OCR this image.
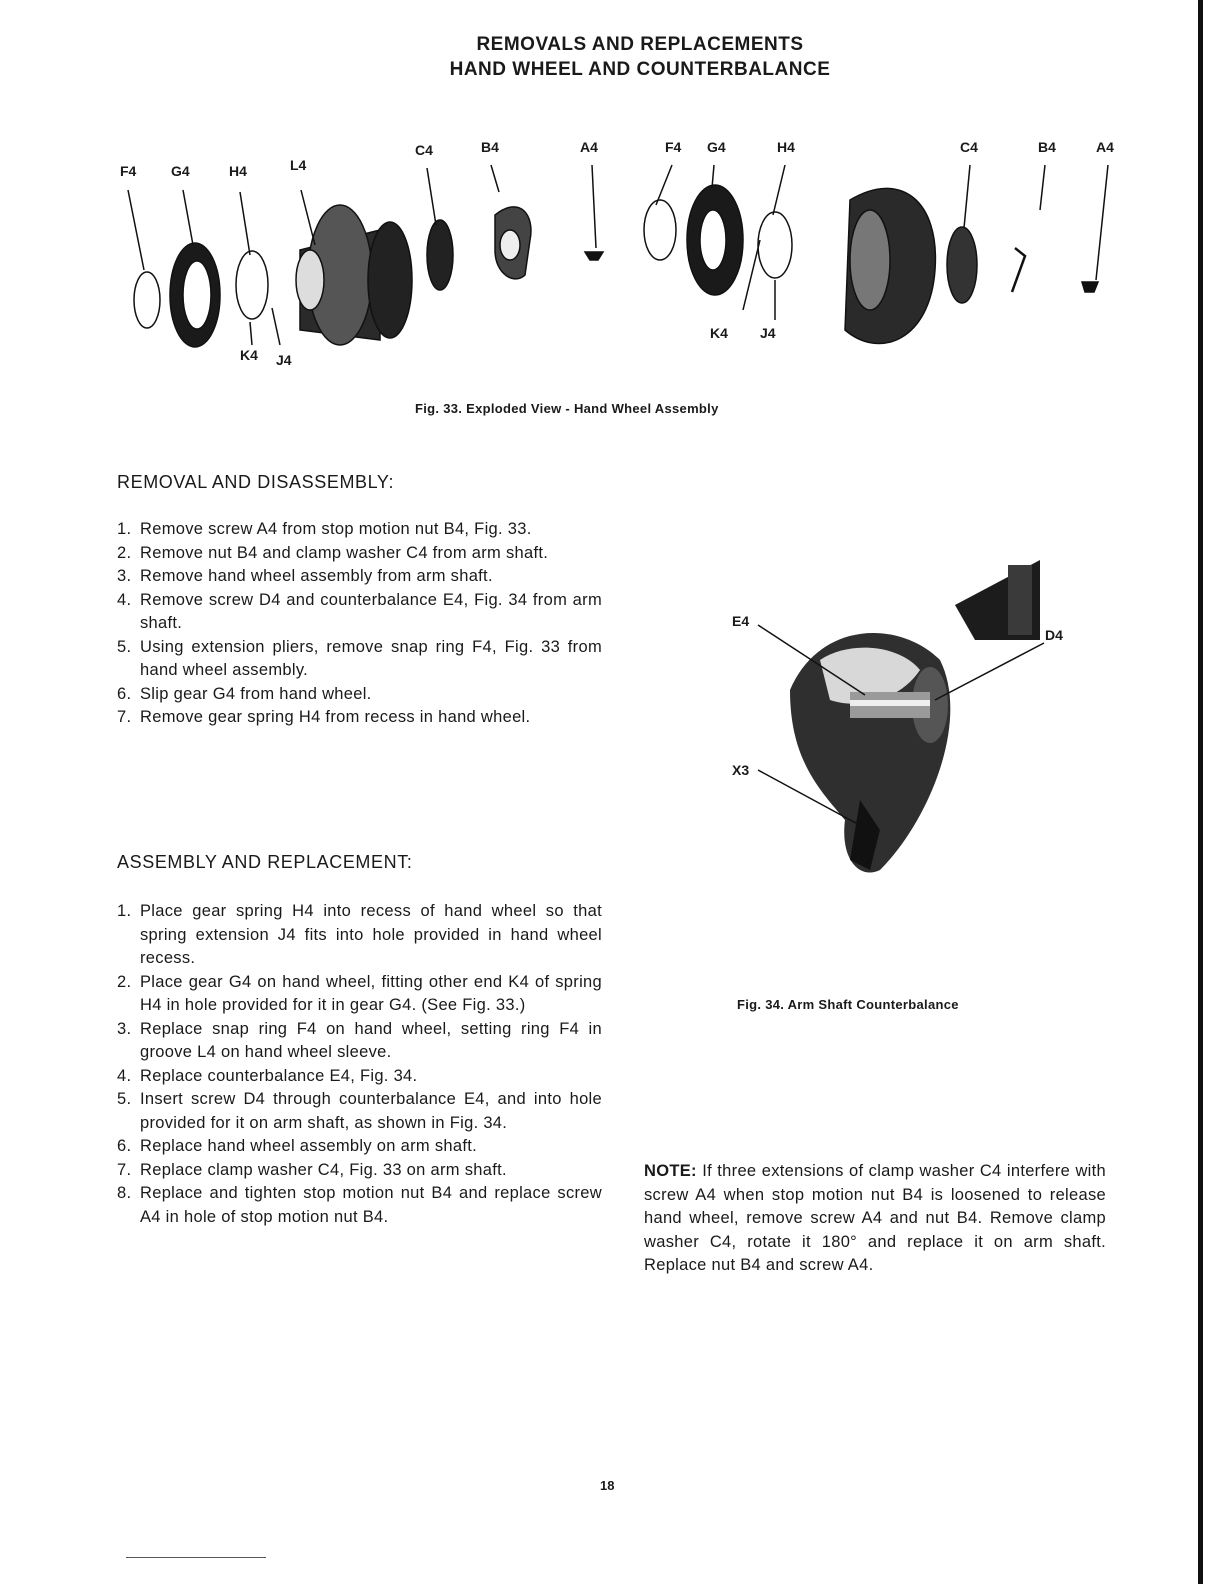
REMOVALS AND REPLACEMENTS
HAND WHEEL AND COUNTERBALANCE
F4 G4	H4	L4
C4	B4	A4
K4 J4
F4 G4	H4	C4	B4	A4
K4 J4
Fig. 33. Exploded View - Hand Wheel Assembly
E4
D4
X3
Fig. 34. Arm Shaft Counterbalance
REMOVAL AND DISASSEMBLY:
1. Remove screw A4 from stop motion nut B4, Fig. 33.
2. Remove nut B4 and clamp washer C4 from arm shaft.
3. Remove hand wheel assembly from arm shaft.
4. Remove screw D4 and counterbalance E4, Fig. 34 from arm shaft.
5. Using extension pliers, remove snap ring F4, Fig. 33 from hand wheel assembly.
6. Slip gear G4 from hand wheel.
7. Remove gear spring H4 from recess in hand wheel.
ASSEMBLY AND REPLACEMENT:
1. Place gear spring H4 into recess of hand wheel so that spring extension J4 fits into hole provided in hand wheel recess.
2. Place gear G4 on hand wheel, fitting other end K4 of spring H4 in hole provided for it in gear G4. (See Fig. 33.)
3. Replace snap ring F4 on hand wheel, setting ring F4 in groove L4 on hand wheel sleeve.
4. Replace counterbalance E4, Fig. 34.
5. Insert screw D4 through counterbalance E4, and into hole provided for it on arm shaft, as shown in Fig. 34.
6. Replace hand wheel assembly on arm shaft.
7. Replace clamp washer C4, Fig. 33 on arm shaft.
8. Replace and tighten stop motion nut B4 and replace screw A4 in hole of stop motion nut B4.
NOTE: If three extensions of clamp washer C4 interfere with screw A4 when stop motion nut B4 is loosened to release hand wheel, remove screw A4 and nut B4. Remove clamp washer C4, rotate it 180° and replace it on arm shaft. Replace nut B4 and screw A4.
18
